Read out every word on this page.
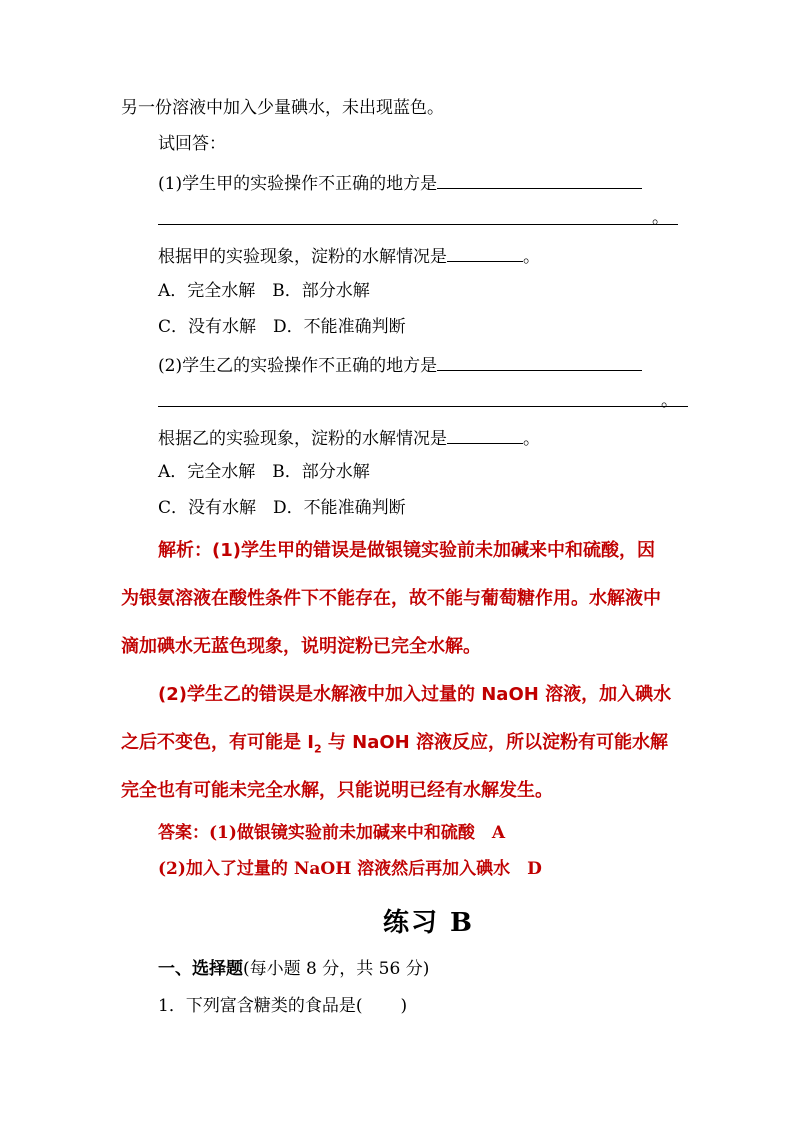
另一份溶液中加入少量碘水，未出现蓝色。
试回答：
(1)学生甲的实验操作不正确的地方是
。
根据甲的实验现象，淀粉的水解情况是	。
A．完全水解　 B．部分水解
C．没有水解　 D．不能准确判断
(2)学生乙的实验操作不正确的地方是
。
根据乙的实验现象，淀粉的水解情况是	。
A．完全水解　 B．部分水解
C．没有水解　 D．不能准确判断
解析：(1)学生甲的错误是做银镜实验前未加碱来中和硫酸，因
为银氨溶液在酸性条件下不能存在，故不能与葡萄糖作用。水解液中
滴加碘水无蓝色现象，说明淀粉已完全水解。
(2)学生乙的错误是水解液中加入过量的 NaOH 溶液，加入碘水
之后不变色，有可能是 $I_2$ 与 NaOH 溶液反应，所以淀粉有可能水解
完全也有可能未完全水解，只能说明已经有水解发生。
答案：(1)做银镜实验前未加碱来中和硫酸　A
(2)加入了过量的 NaOH 溶液然后再加入碘水　D
练习 B
一、选择题(每小题 8 分，共 56 分)
1．下列富含糖类的食品是( )
